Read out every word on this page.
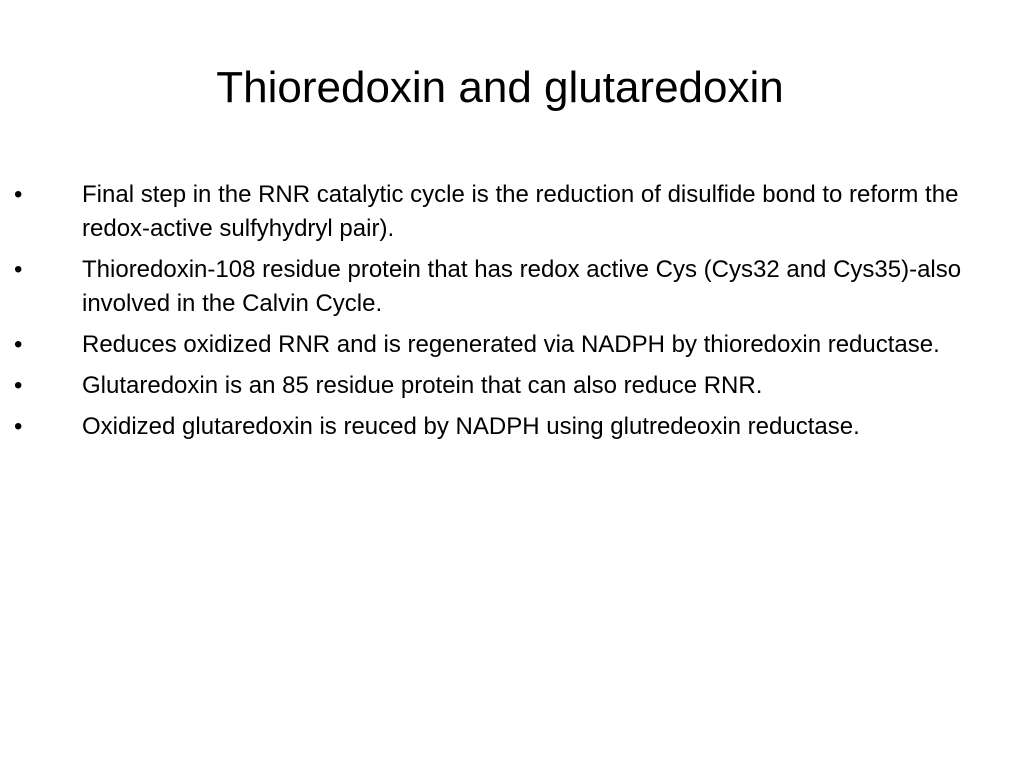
Thioredoxin and glutaredoxin
•	Final step in the RNR catalytic cycle is the reduction of disulfide bond to reform the redox-active sulfyhydryl pair).
•	Thioredoxin-108 residue protein that has redox active Cys (Cys32 and Cys35)-also involved in the Calvin Cycle.
•	Reduces oxidized RNR and is regenerated via NADPH by thioredoxin reductase.
•	Glutaredoxin is an 85 residue protein that can also reduce RNR.
•	Oxidized glutaredoxin is reuced by NADPH using glutredeoxin reductase.
